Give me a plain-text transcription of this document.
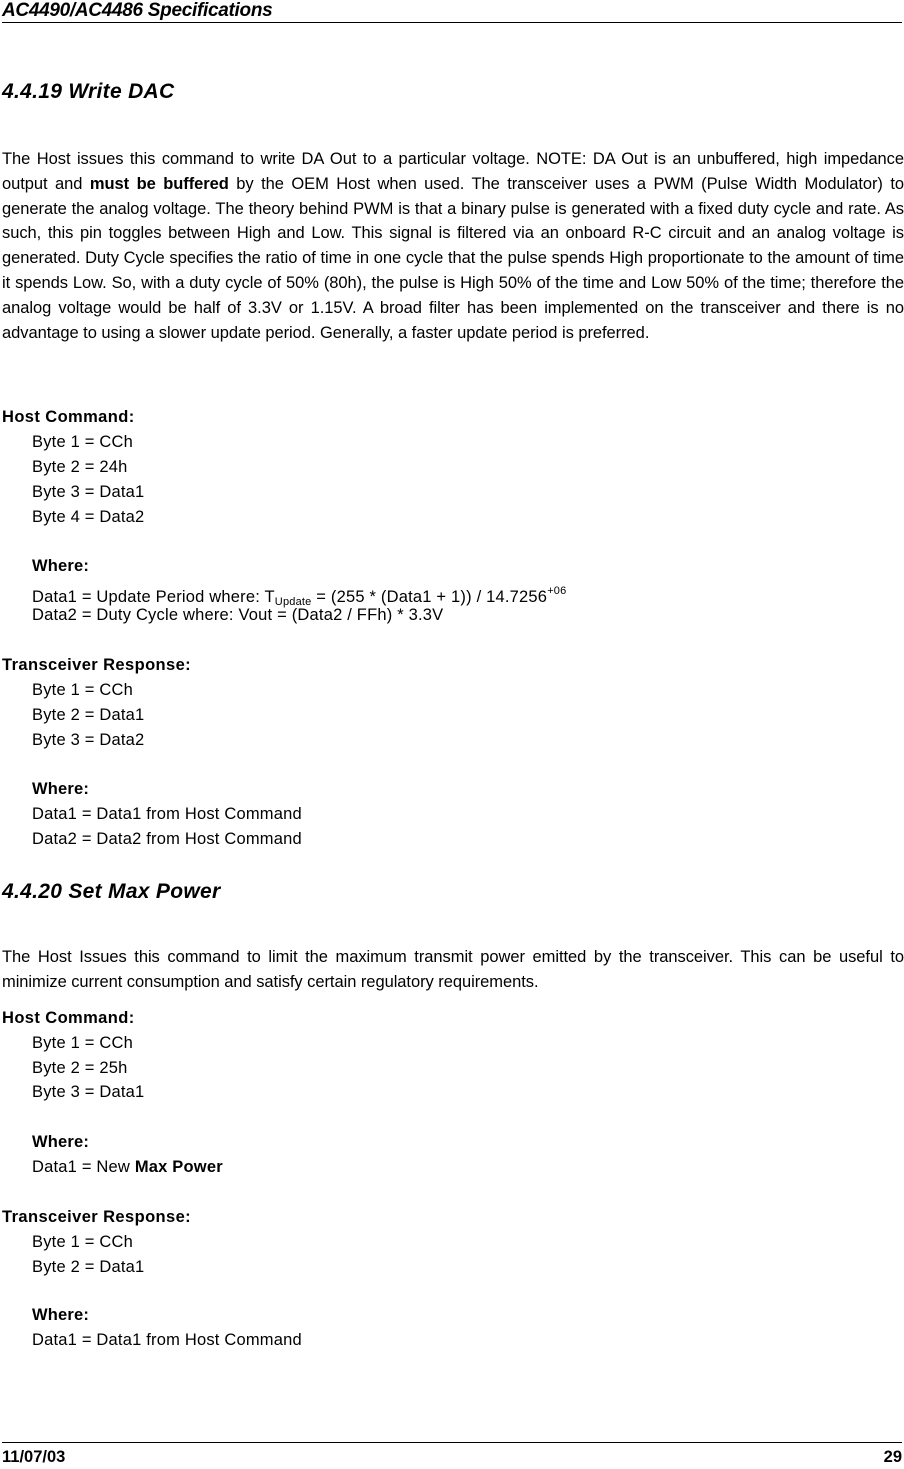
AC4490/AC4486 Specifications
4.4.19 Write DAC
The Host issues this command to write DA Out to a particular voltage. NOTE: DA Out is an unbuffered, high impedance output and must be buffered by the OEM Host when used. The transceiver uses a PWM (Pulse Width Modulator) to generate the analog voltage. The theory behind PWM is that a binary pulse is generated with a fixed duty cycle and rate. As such, this pin toggles between High and Low. This signal is filtered via an onboard R-C circuit and an analog voltage is generated. Duty Cycle specifies the ratio of time in one cycle that the pulse spends High proportionate to the amount of time it spends Low. So, with a duty cycle of 50% (80h), the pulse is High 50% of the time and Low 50% of the time; therefore the analog voltage would be half of 3.3V or 1.15V. A broad filter has been implemented on the transceiver and there is no advantage to using a slower update period. Generally, a faster update period is preferred.
Host Command:
Byte 1 = CCh
Byte 2 = 24h
Byte 3 = Data1
Byte 4 = Data2
Where:
Data1 = Update Period where: $T_{Update} = (255$ * (Data1 + $1)) / 14.7256^{+06}$
Data2 = Duty Cycle where: Vout = (Data2 / FFh) * 3.3V
Transceiver Response:
Byte 1 = CCh
Byte 2 = Data1
Byte 3 = Data2
Where:
Data1 = Data1 from Host Command
Data2 = Data2 from Host Command
4.4.20 Set Max Power
The Host Issues this command to limit the maximum transmit power emitted by the transceiver. This can be useful to minimize current consumption and satisfy certain regulatory requirements.
Host Command:
Byte 1 = CCh
Byte 2 = 25h
Byte 3 = Data1
Where:
Data1 = New Max Power
Transceiver Response:
Byte 1 = CCh
Byte 2 = Data1
Where:
Data1 = Data1 from Host Command
11/07/03	29
